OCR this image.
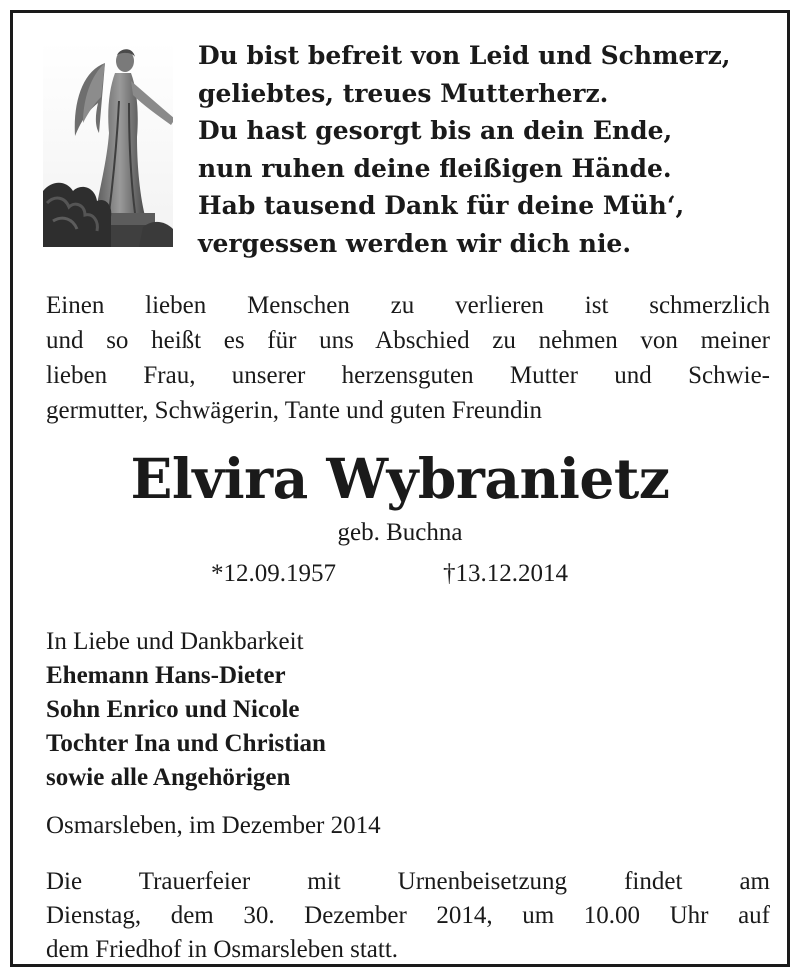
Du bist befreit von Leid und Schmerz,
geliebtes, treues Mutterherz.
Du hast gesorgt bis an dein Ende,
nun ruhen deine fleißigen Hände.
Hab tausend Dank für deine Müh‘,
vergessen werden wir dich nie.
Einen lieben Menschen zu verlieren ist schmerzlich
und so heißt es für uns Abschied zu nehmen von meiner
lieben Frau, unserer herzensguten Mutter und Schwie-
germutter, Schwägerin, Tante und guten Freundin
Elvira Wybranietz
geb. Buchna
*12.09.1957	†13.12.2014
In Liebe und Dankbarkeit
Ehemann Hans-Dieter
Sohn Enrico und Nicole
Tochter Ina und Christian
sowie alle Angehörigen
Osmarsleben, im Dezember 2014
Die Trauerfeier mit Urnenbeisetzung findet am
Dienstag, dem 30. Dezember 2014, um 10.00 Uhr auf
dem Friedhof in Osmarsleben statt.
